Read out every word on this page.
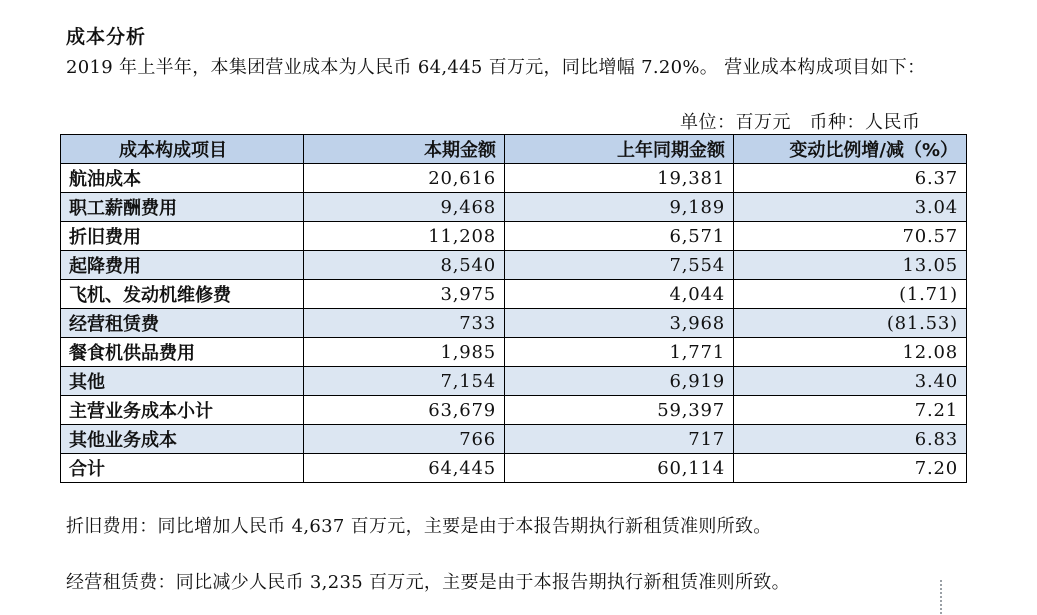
成本分析
2019 年上半年，本集团营业成本为人民币 64,445 百万元，同比增幅 7.20%。 营业成本构成项目如下：
单位：百万元　币种：人民币
成本构成项目	本期金额	上年同期金额	变动比例增/减（%）
航油成本	20,616	19,381	6.37
职工薪酬费用	9,468	9,189	3.04
折旧费用	11,208	6,571	70.57
起降费用	8,540	7,554	13.05
飞机、发动机维修费	3,975	4,044	(1.71)
经营租赁费	733	3,968	(81.53)
餐食机供品费用	1,985	1,771	12.08
其他	7,154	6,919	3.40
主营业务成本小计	63,679	59,397	7.21
其他业务成本	766	717	6.83
合计	64,445	60,114	7.20
折旧费用：同比增加人民币 4,637 百万元，主要是由于本报告期执行新租赁准则所致。
经营租赁费：同比减少人民币 3,235 百万元，主要是由于本报告期执行新租赁准则所致。
